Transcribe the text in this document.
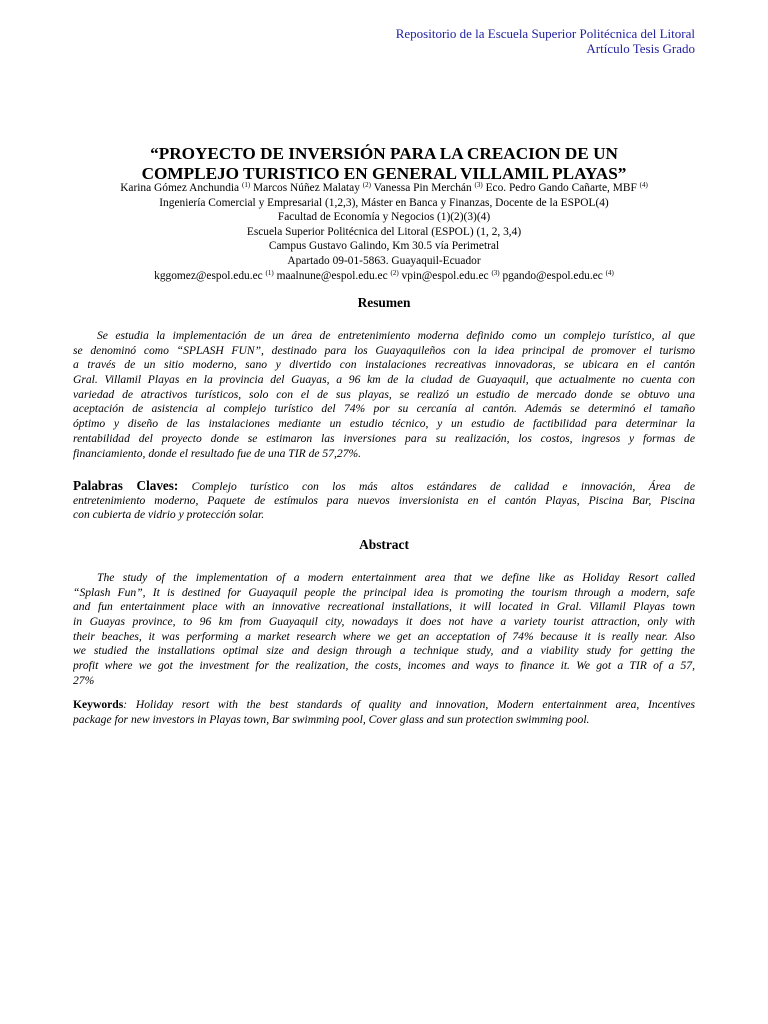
Repositorio de la Escuela Superior Politécnica del Litoral
Artículo Tesis Grado
“PROYECTO DE INVERSIÓN PARA LA CREACION DE UN
COMPLEJO TURISTICO EN GENERAL VILLAMIL PLAYAS”
Karina Gómez Anchundia $^{(1)}$ Marcos Núñez Malatay $^{(2)}$ Vanessa Pin Merchán $^{(3)}$ Eco. Pedro Gando Cañarte, MBF $^{(4)}$
Ingeniería Comercial y Empresarial (1,2,3), Máster en Banca y Finanzas, Docente de la ESPOL(4)
Facultad de Economía y Negocios (1)(2)(3)(4)
Escuela Superior Politécnica del Litoral (ESPOL) (1, 2, 3,4)
Campus Gustavo Galindo, Km 30.5 vía Perimetral
Apartado 09-01-5863. Guayaquil-Ecuador
kggomez@espol.edu.ec $^{(1)}$ maalnune@espol.edu.ec $^{(2)}$ vpin@espol.edu.ec $^{(3)}$ pgando@espol.edu.ec $^{(4)}$
Resumen
Se estudia la implementación de un área de entretenimiento moderna definido como un complejo turístico, al que
se denominó como “SPLASH FUN”, destinado para los Guayaquileños con la idea principal de promover el turismo
a través de un sitio moderno, sano y divertido con instalaciones recreativas innovadoras, se ubicara en el cantón
Gral. Villamil Playas en la provincia del Guayas, a 96 km de la ciudad de Guayaquil, que actualmente no cuenta con
variedad de atractivos turísticos, solo con el de sus playas, se realizó un estudio de mercado donde se obtuvo una
aceptación de asistencia al complejo turístico del 74% por su cercanía al cantón. Además se determinó el tamaño
óptimo y diseño de las instalaciones mediante un estudio técnico, y un estudio de factibilidad para determinar la
rentabilidad del proyecto donde se estimaron las inversiones para su realización, los costos, ingresos y formas de
financiamiento, donde el resultado fue de una TIR de 57,27%.
Palabras Claves: Complejo turístico con los más altos estándares de calidad e innovación, Área de
entretenimiento moderno, Paquete de estímulos para nuevos inversionista en el cantón Playas, Piscina Bar, Piscina
con cubierta de vidrio y protección solar.
Abstract
The study of the implementation of a modern entertainment area that we define like as Holiday Resort called
“Splash Fun”, It is destined for Guayaquil people the principal idea is promoting the tourism through a modern, safe
and fun entertainment place with an innovative recreational installations, it will located in Gral. Villamil Playas town
in Guayas province, to 96 km from Guayaquil city, nowadays it does not have a variety tourist attraction, only with
their beaches, it was performing a market research where we get an acceptation of 74% because it is really near. Also
we studied the installations optimal size and design through a technique study, and a viability study for getting the
profit where we got the investment for the realization, the costs, incomes and ways to finance it. We got a TIR of a 57,
27%
Keywords: Holiday resort with the best standards of quality and innovation, Modern entertainment area, Incentives
package for new investors in Playas town, Bar swimming pool, Cover glass and sun protection swimming pool.
